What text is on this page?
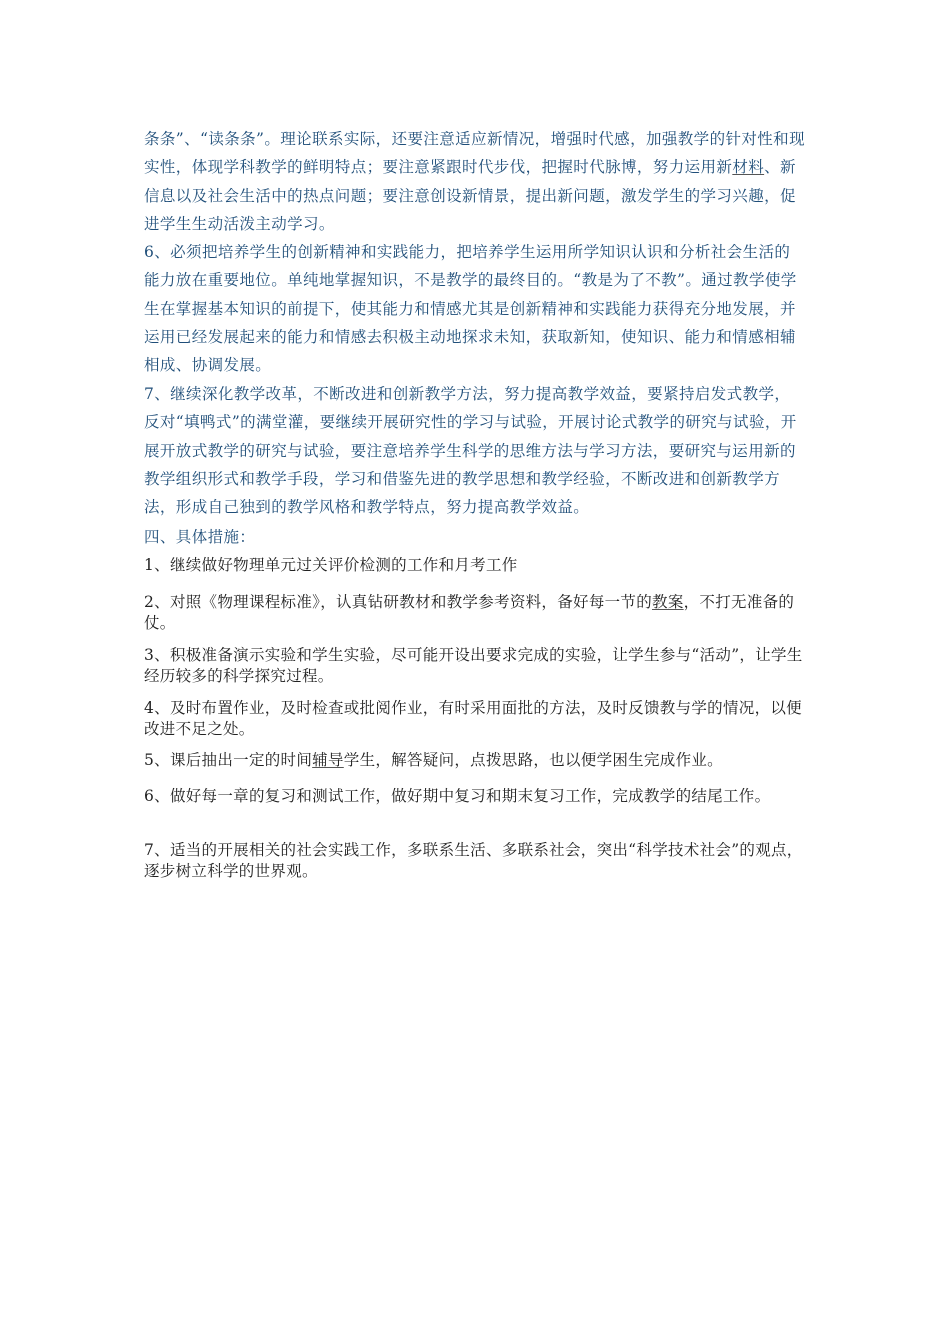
条条”、“读条条”。理论联系实际，还要注意适应新情况，增强时代感，加强教学的针对性和现实性，体现学科教学的鲜明特点；要注意紧跟时代步伐，把握时代脉博，努力运用新材料、新信息以及社会生活中的热点问题；要注意创设新情景，提出新问题，激发学生的学习兴趣，促进学生生动活泼主动学习。

6、必须把培养学生的创新精神和实践能力，把培养学生运用所学知识认识和分析社会生活的能力放在重要地位。单纯地掌握知识，不是教学的最终目的。“教是为了不教”。通过教学使学生在掌握基本知识的前提下，使其能力和情感尤其是创新精神和实践能力获得充分地发展，并运用已经发展起来的能力和情感去积极主动地探求未知，获取新知，使知识、能力和情感相辅相成、协调发展。

7、继续深化教学改革，不断改进和创新教学方法，努力提高教学效益，要紧持启发式教学，反对“填鸭式”的满堂灌，要继续开展研究性的学习与试验，开展讨论式教学的研究与试验，开展开放式教学的研究与试验，要注意培养学生科学的思维方法与学习方法，要研究与运用新的教学组织形式和教学手段，学习和借鉴先进的教学思想和教学经验，不断改进和创新教学方法，形成自己独到的教学风格和教学特点，努力提高教学效益。

四、具体措施：

1、继续做好物理单元过关评价检测的工作和月考工作

2、对照《物理课程标准》，认真钻研教材和教学参考资料，备好每一节的教案，不打无准备的仗。

3、积极准备演示实验和学生实验，尽可能开设出要求完成的实验，让学生参与“活动”，让学生经历较多的科学探究过程。

4、及时布置作业，及时检查或批阅作业，有时采用面批的方法，及时反馈教与学的情况，以便改进不足之处。

5、课后抽出一定的时间辅导学生，解答疑问，点拨思路，也以便学困生完成作业。

6、做好每一章的复习和测试工作，做好期中复习和期末复习工作，完成教学的结尾工作。

7、适当的开展相关的社会实践工作，多联系生活、多联系社会，突出“科学技术社会”的观点，逐步树立科学的世界观。
